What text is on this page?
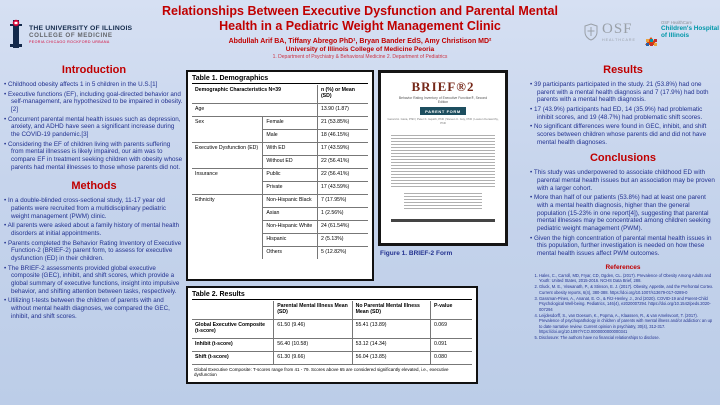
THE UNIVERSITY OF ILLINOIS
COLLEGE OF MEDICINE
PEORIA CHICAGO ROCKFORD URBANA
Relationships Between Executive Dysfunction and Parental Mental Health in a Pediatric Weight Management Clinic
Abdullah Arif BA, Tiffany Abrego PhD¹, Bryan Bander EdS, Amy Christison MD²
University of Illinois College of Medicine Peoria
1. Department of Psychiatry & Behavioral Medicine 2. Department of Pediatrics
OSF
HEALTHCARE
OSF HealthCare
Children's Hospital
of Illinois
Introduction
• Childhood obesity affects 1 in 5 children in the U.S.[1]
• Executive functions (EF), including goal-directed behavior and self-management, are hypothesized to be impaired in obesity.[2]
• Concurrent parental mental health issues such as depression, anxiety, and ADHD have seen a significant increase during the COVID-19 pandemic.[3]
• Considering the EF of children living with parents suffering from mental illnesses is likely impaired, our aim was to compare EF in treatment seeking children with obesity whose parents had mental illnesses to those whose parents did not.
Methods
• In a double-blinded cross-sectional study, 11-17 year old patients were recruited from a multidisciplinary pediatric weight management (PWM) clinic.
• All parents were asked about a family history of mental health disorders at initial appointments.
• Parents completed the Behavior Rating Inventory of Executive Function-2 (BRIEF-2) parent form, to assess for executive dysfunction (ED) in their children.
• The BRIEF-2 assessments provided global executive composite (GEC), inhibit, and shift scores, which provide a global summary of executive functions, insight into impulsive behavior, and shifting attention between tasks, respectively.
• Utilizing t-tests between the children of parents with and without mental health diagnoses, we compared the GEC, inhibit, and shift scores.
Table 1. Demographics
Demographic Characteristics N=39		n (%) or Mean (SD)
Age		13.90 (1.87)
Sex	Female	21 (53.85%)
	Male	18 (46.15%)
Executive Dysfunction (ED)	With ED	17 (43.59%)
	Without ED	22 (56.41%)
Insurance	Public	22 (56.41%)
	Private	17 (43.59%)
Ethnicity	Non-Hispanic Black	7 (17.95%)
	Asian	1 (2.56%)
	Non-Hispanic White	24 (61.54%)
	Hispanic	2 (5.13%)
	Others	5 (12.82%)
BRIEF®2
Behavior Rating Inventory of Executive Function®, Second Edition
PARENT FORM
Gerard A. Gioia, PhD | Peter K. Isquith, PhD | Steven C. Guy, PhD | Lauren Kenworthy, PhD
Figure 1. BRIEF-2 Form
Table 2. Results
	Parental Mental Illness Mean (SD)	No Parental Mental Illness Mean (SD)	P-value
Global Executive Composite (t-score)	61.50 (9.46)	55.41 (13.89)	0.069
Inhibit (t-score)	56.40 (10.58)	53.12 (14.34)	0.091
Shift (t-score)	61.30 (9.66)	56.04 (13.85)	0.080
Global Executive Composite: T-scores range from 41 - 79. Scores above 65 are considered significantly elevated, i.e., executive dysfunction
Results
• 39 participants participated in the study. 21 (53.8%) had one parent with a mental health diagnosis and 7 (17.9%) had both parents with a mental health diagnosis.
• 17 (43.9%) participants had ED, 14 (35.9%) had problematic inhibit scores, and 19 (48.7%) had problematic shift scores.
• No significant differences were found in GEC, inhibit, and shift scores between children whose parents did and did not have mental health diagnoses.
Conclusions
• This study was underpowered to associate childhood ED with parental mental health issues but an association may be proven with a larger cohort.
• More than half of our patients (53.8%) had at least one parent with a mental health diagnosis, higher than the general population (15-23% in one report[4]), suggesting that parental mental illnesses may be concentrated among children seeking pediatric weight management (PWM).
• Given the high concentration of parental mental health issues in this population, further investigation is needed on how these mental health issues affect PWM outcomes.
References
1. Hales, C., Carroll, MD, Fryar, CD, Ogden, CL. (2017). Prevalence of Obesity Among Adults and Youth: United States, 2015-2016. NCHS Data Brief, 288.
2. Gluck, M. E., Viswanath, P., & Stinson, E. J. (2017). Obesity, Appetite, and the Prefrontal Cortex. Current obesity reports, 6(4), 380-388. https://doi.org/10.1007/s13679-017-0289-0
3. Gassman-Pines, A., Ananat, E. O., & Fitz-Henley, J., 2nd (2020). COVID-19 and Parent-Child Psychological Well-being. Pediatrics, 146(4), e2020007294. https://doi.org/10.1542/peds.2020-007294
4. Leijdesdorff, S., van Doesum, K., Popma, A., Klaassen, R., & van Amelsvoort, T. (2017). Prevalence of psychopathology in children of parents with mental illness and/or addiction: an up to date narrative review. Current opinion in psychiatry, 30(4), 312-317. https://doi.org/10.1097/YCO.0000000000000341
5. Disclosure: The authors have no financial relationships to disclose.
